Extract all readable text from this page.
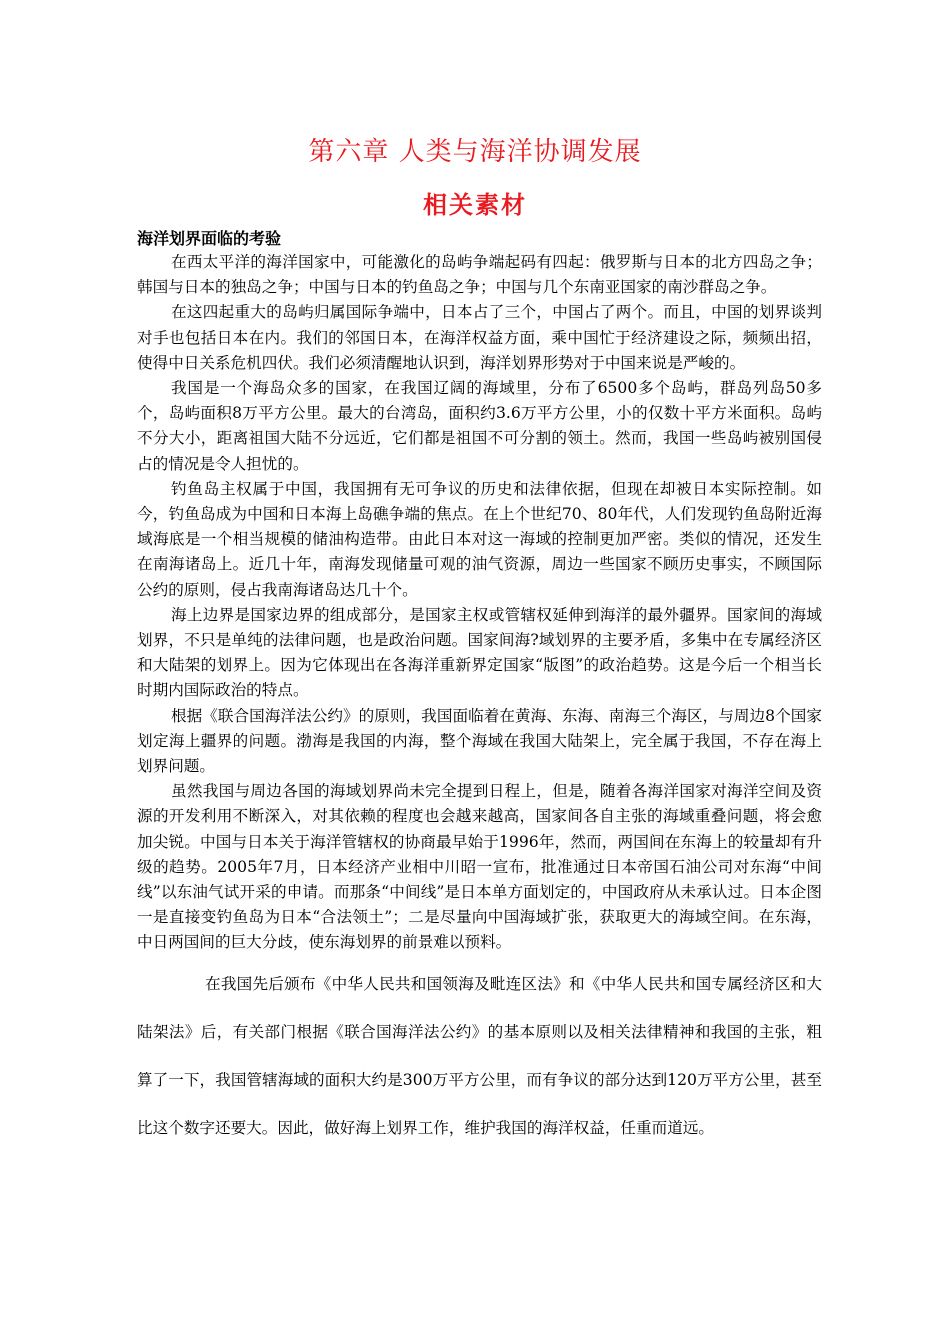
第六章 人类与海洋协调发展
相关素材
海洋划界面临的考验

在西太平洋的海洋国家中，可能激化的岛屿争端起码有四起：俄罗斯与日本的北方四岛之争；韩国与日本的独岛之争；中国与日本的钓鱼岛之争；中国与几个东南亚国家的南沙群岛之争。

在这四起重大的岛屿归属国际争端中，日本占了三个，中国占了两个。而且，中国的划界谈判对手也包括日本在内。我们的邻国日本，在海洋权益方面，乘中国忙于经济建设之际，频频出招，使得中日关系危机四伏。我们必须清醒地认识到，海洋划界形势对于中国来说是严峻的。

我国是一个海岛众多的国家，在我国辽阔的海域里，分布了6500多个岛屿，群岛列岛50多个，岛屿面积8万平方公里。最大的台湾岛，面积约3.6万平方公里，小的仅数十平方米面积。岛屿不分大小，距离祖国大陆不分远近，它们都是祖国不可分割的领土。然而，我国一些岛屿被别国侵占的情况是令人担忧的。

钓鱼岛主权属于中国，我国拥有无可争议的历史和法律依据，但现在却被日本实际控制。如今，钓鱼岛成为中国和日本海上岛礁争端的焦点。在上个世纪70、80年代，人们发现钓鱼岛附近海域海底是一个相当规模的储油构造带。由此日本对这一海域的控制更加严密。类似的情况，还发生在南海诸岛上。近几十年，南海发现储量可观的油气资源，周边一些国家不顾历史事实，不顾国际公约的原则，侵占我南海诸岛达几十个。

海上边界是国家边界的组成部分，是国家主权或管辖权延伸到海洋的最外疆界。国家间的海域划界，不只是单纯的法律问题，也是政治问题。国家间海?域划界的主要矛盾，多集中在专属经济区和大陆架的划界上。因为它体现出在各海洋重新界定国家“版图”的政治趋势。这是今后一个相当长时期内国际政治的特点。

根据《联合国海洋法公约》的原则，我国面临着在黄海、东海、南海三个海区，与周边8个国家划定海上疆界的问题。渤海是我国的内海，整个海域在我国大陆架上，完全属于我国，不存在海上划界问题。

虽然我国与周边各国的海域划界尚未完全提到日程上，但是，随着各海洋国家对海洋空间及资源的开发利用不断深入，对其依赖的程度也会越来越高，国家间各自主张的海域重叠问题，将会愈加尖锐。中国与日本关于海洋管辖权的协商最早始于1996年，然而，两国间在东海上的较量却有升级的趋势。2005年7月，日本经济产业相中川昭一宣布，批准通过日本帝国石油公司对东海“中间线”以东油气试开采的申请。而那条“中间线”是日本单方面划定的，中国政府从未承认过。日本企图一是直接变钓鱼岛为日本“合法领土”；二是尽量向中国海域扩张，获取更大的海域空间。在东海，中日两国间的巨大分歧，使东海划界的前景难以预料。

在我国先后颁布《中华人民共和国领海及毗连区法》和《中华人民共和国专属经济区和大陆架法》后，有关部门根据《联合国海洋法公约》的基本原则以及相关法律精神和我国的主张，粗算了一下，我国管辖海域的面积大约是300万平方公里，而有争议的部分达到120万平方公里，甚至比这个数字还要大。因此，做好海上划界工作，维护我国的海洋权益，任重而道远。
